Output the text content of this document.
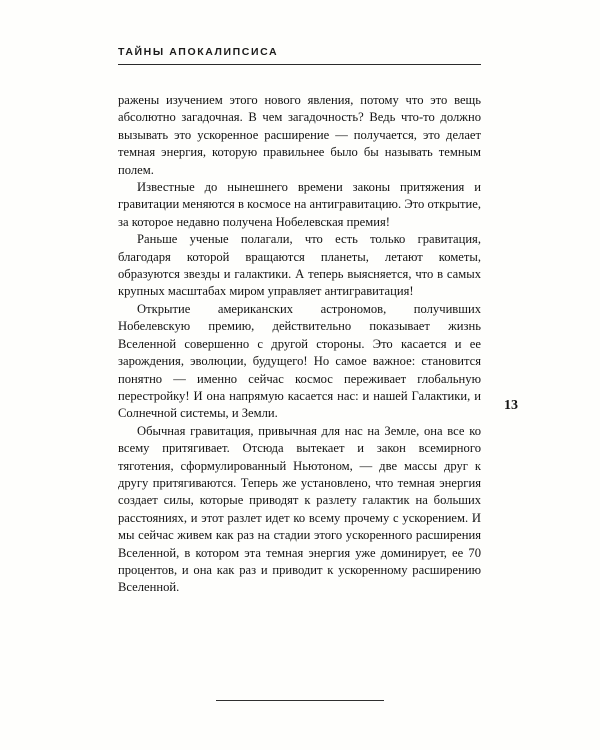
ТАЙНЫ АПОКАЛИПСИСА
13

ражены изучением этого нового явления, потому что это вещь абсолютно загадочная. В чем загадочность? Ведь что-то должно вызывать это ускоренное расширение — получается, это делает темная энергия, которую правильнее было бы называть темным полем.

Известные до нынешнего времени законы притяжения и гравитации меняются в космосе на антигравитацию. Это открытие, за которое недавно получена Нобелевская премия!

Раньше ученые полагали, что есть только гравитация, благодаря которой вращаются планеты, летают кометы, образуются звезды и галактики. А теперь выясняется, что в самых крупных масштабах миром управляет антигравитация!

Открытие американских астрономов, получивших Нобелевскую премию, действительно показывает жизнь Вселенной совершенно с другой стороны. Это касается и ее зарождения, эволюции, будущего! Но самое важное: становится понятно — именно сейчас космос переживает глобальную перестройку! И она напрямую касается нас: и нашей Галактики, и Солнечной системы, и Земли.

Обычная гравитация, привычная для нас на Земле, она все ко всему притягивает. Отсюда вытекает и закон всемирного тяготения, сформулированный Ньютоном, — две массы друг к другу притягиваются. Теперь же установлено, что темная энергия создает силы, которые приводят к разлету галактик на больших расстояниях, и этот разлет идет ко всему прочему с ускорением. И мы сейчас живем как раз на стадии этого ускоренного расширения Вселенной, в котором эта темная энергия уже доминирует, ее 70 процентов, и она как раз и приводит к ускоренному расширению Вселенной.
